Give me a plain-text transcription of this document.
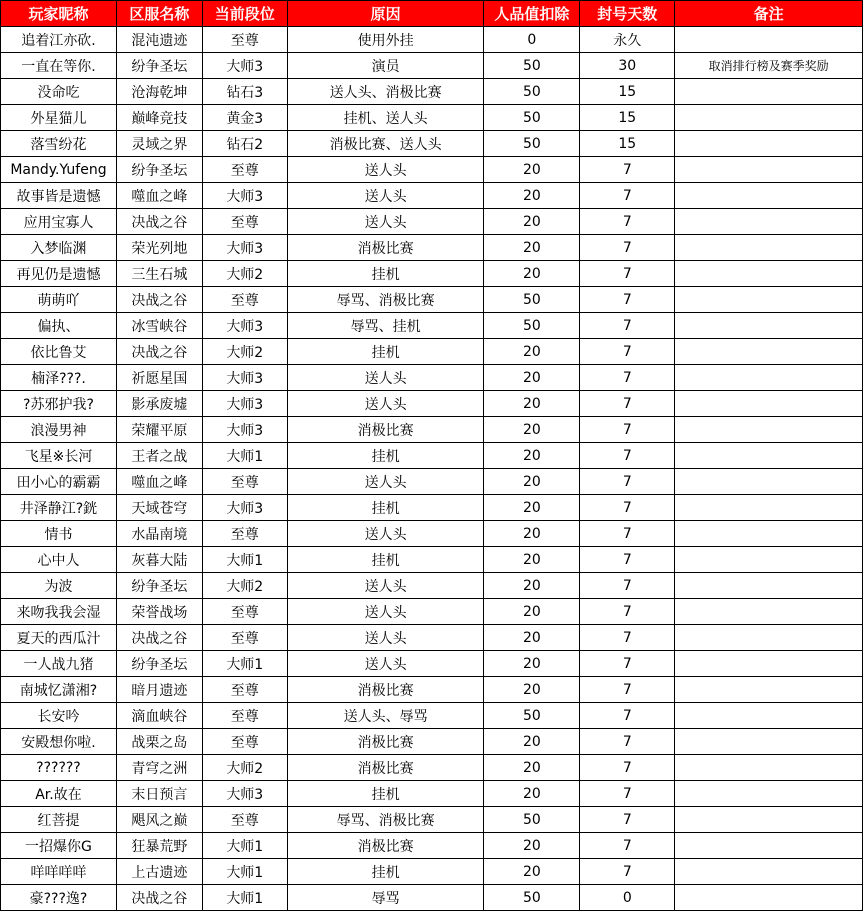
玩家昵称	区服名称	当前段位	原因	人品值扣除	封号天数	备注
追着江亦砍.	混沌遗迹	至尊	使用外挂	0	永久	
一直在等你.	纷争圣坛	大师3	演员	50	30	取消排行榜及赛季奖励
没命吃	沧海乾坤	钻石3	送人头、消极比赛	50	15	
外星猫儿	巅峰竞技	黄金3	挂机、送人头	50	15	
落雪纷花	灵域之界	钻石2	消极比赛、送人头	50	15	
Mandy.Yufeng	纷争圣坛	至尊	送人头	20	7	
故事皆是遗憾	噬血之峰	大师3	送人头	20	7	
应用宝寡人	决战之谷	至尊	送人头	20	7	
入梦临渊	荣光列地	大师3	消极比赛	20	7	
再见仍是遗憾	三生石城	大师2	挂机	20	7	
萌萌吖	决战之谷	至尊	辱骂、消极比赛	50	7	
偏执、	冰雪峡谷	大师3	辱骂、挂机	50	7	
依比鲁艾	决战之谷	大师2	挂机	20	7	
楠泽???.	祈愿星国	大师3	送人头	20	7	
?苏邪护我?	影承废墟	大师3	送人头	20	7	
浪漫男神	荣耀平原	大师3	消极比赛	20	7	
飞星※长河	王者之战	大师1	挂机	20	7	
田小心的霸霸	噬血之峰	至尊	送人头	20	7	
井泽静江?銧	天域苍穹	大师3	挂机	20	7	
情书	水晶南境	至尊	送人头	20	7	
心中人	灰暮大陆	大师1	挂机	20	7	
为波	纷争圣坛	大师2	送人头	20	7	
来吻我我会湿	荣誉战场	至尊	送人头	20	7	
夏天的西瓜汁	决战之谷	至尊	送人头	20	7	
一人战九猪	纷争圣坛	大师1	送人头	20	7	
南城忆潇湘?	暗月遗迹	至尊	消极比赛	20	7	
长安吟	滴血峡谷	至尊	送人头、辱骂	50	7	
安殿想你啦.	战栗之岛	至尊	消极比赛	20	7	
??????	青穹之洲	大师2	消极比赛	20	7	
Ar.故在	末日预言	大师3	挂机	20	7	
红菩提	飓风之巅	至尊	辱骂、消极比赛	50	7	
一招爆你G	狂暴荒野	大师1	消极比赛	20	7	
咩咩咩咩	上古遗迹	大师1	挂机	20	7	
豪???逸?	决战之谷	大师1	辱骂	50	0	
